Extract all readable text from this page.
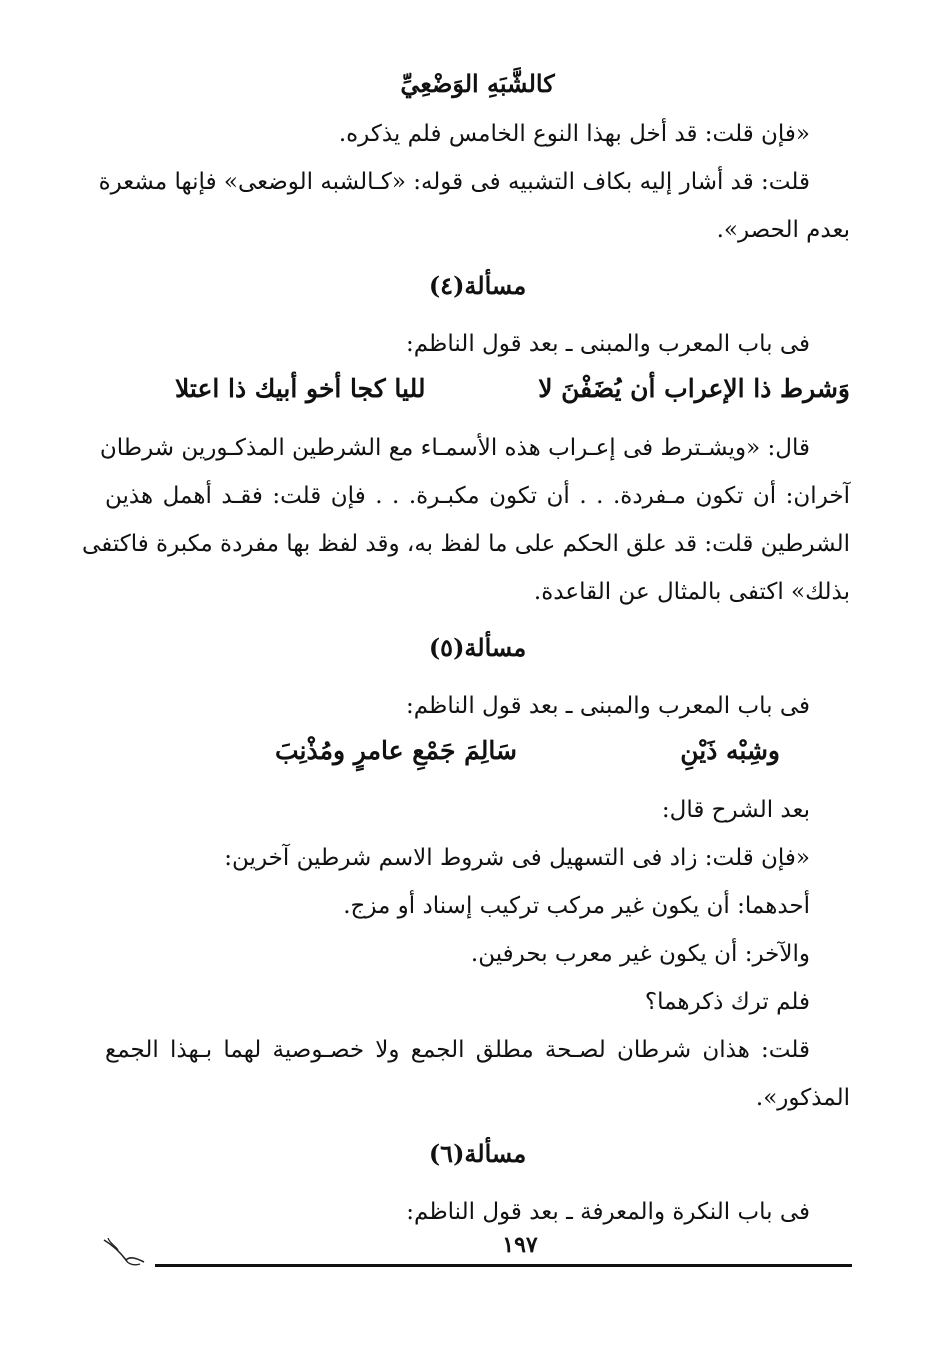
كالشَّبَهِ الوَضْعِيِّ

«فإن قلت: قد أخل بهذا النوع الخامس فلم يذكره.

قلت: قد أشار إليه بكاف التشبيه فى قوله: «كـالشبه الوضعى» فإنها مشعرة

بعدم الحصر».

مسألة(٤)

فى باب المعرب والمبنى ـ بعد قول الناظم:

وَشرط ذا الإعراب أن يُضَفْنَ لا
لليا كجا أخو أبيك ذا اعتلا

قال: «ويشـترط فى إعـراب هذه الأسمـاء مع الشرطين المذكـورين شرطان

آخران: أن تكون مـفردة. . . أن تكون مكبـرة. . . فإن قلت: فقـد أهمل هذين

الشرطين قلت: قد علق الحكم على ما لفظ به، وقد لفظ بها مفردة مكبرة فاكتفى

بذلك» اكتفى بالمثال عن القاعدة.

مسألة(٥)

فى باب المعرب والمبنى ـ بعد قول الناظم:

وشِبْه ذَيْنِ
سَالِمَ جَمْعِ عامرٍ ومُذْنِبَ

بعد الشرح قال:

«فإن قلت: زاد فى التسهيل فى شروط الاسم شرطين آخرين:

أحدهما: أن يكون غير مركب تركيب إسناد أو مزج.

والآخر: أن يكون غير معرب بحرفين.

فلم ترك ذكرهما؟

قلت: هذان شرطان لصـحة مطلق الجمع ولا خصـوصية لهما بـهذا الجمع

المذكور».

مسألة(٦)

فى باب النكرة والمعرفة ـ بعد قول الناظم:

١٩٧
